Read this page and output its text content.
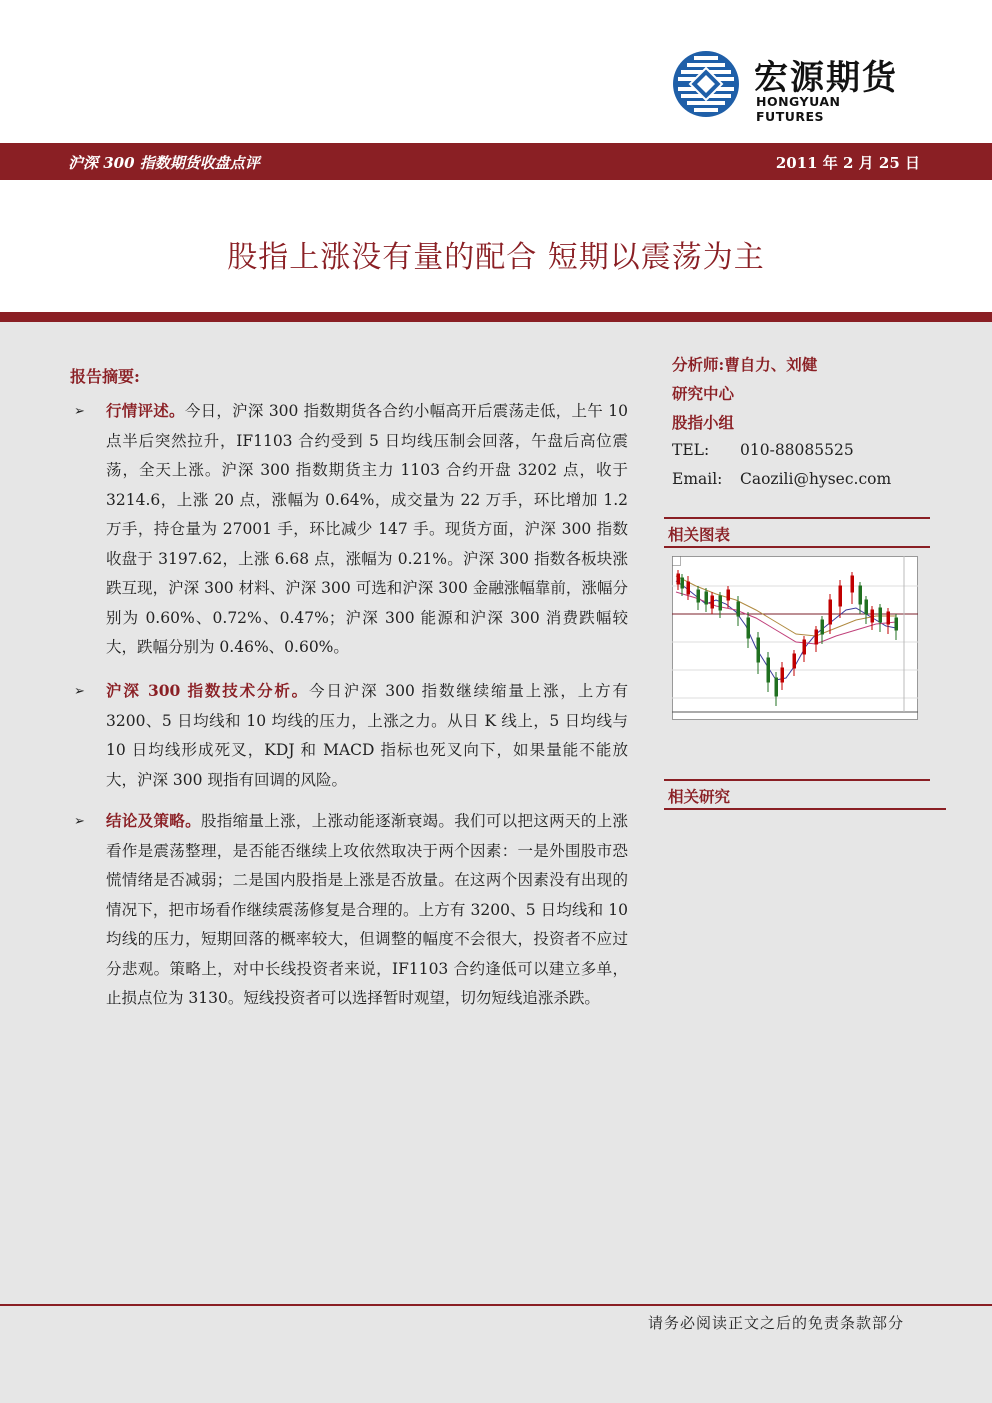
宏源期货
HONGYUAN FUTURES
沪深 300 指数期货收盘点评	2011 年 2 月 25 日
股指上涨没有量的配合 短期以震荡为主
报告摘要:
➢ 行情评述。今日，沪深 300 指数期货各合约小幅高开后震荡走低，上午 10 点半后突然拉升，IF1103 合约受到 5 日均线压制会回落，午盘后高位震荡，全天上涨。沪深 300 指数期货主力 1103 合约开盘 3202 点，收于 3214.6，上涨 20 点，涨幅为 0.64%，成交量为 22 万手，环比增加 1.2 万手，持仓量为 27001 手，环比减少 147 手。现货方面，沪深 300 指数收盘于 3197.62，上涨 6.68 点，涨幅为 0.21%。沪深 300 指数各板块涨跌互现，沪深 300 材料、沪深 300 可选和沪深 300 金融涨幅靠前，涨幅分别为 0.60%、0.72%、0.47%；沪深 300 能源和沪深 300 消费跌幅较大，跌幅分别为 0.46%、0.60%。
➢ 沪深 300 指数技术分析。今日沪深 300 指数继续缩量上涨，上方有 3200、5 日均线和 10 均线的压力，上涨之力。从日 K 线上，5 日均线与 10 日均线形成死叉，KDJ 和 MACD 指标也死叉向下，如果量能不能放大，沪深 300 现指有回调的风险。
➢ 结论及策略。股指缩量上涨，上涨动能逐渐衰竭。我们可以把这两天的上涨看作是震荡整理，是否能否继续上攻依然取决于两个因素：一是外围股市恐慌情绪是否减弱；二是国内股指是上涨是否放量。在这两个因素没有出现的情况下，把市场看作继续震荡修复是合理的。上方有 3200、5 日均线和 10 均线的压力，短期回落的概率较大，但调整的幅度不会很大，投资者不应过分悲观。策略上，对中长线投资者来说，IF1103 合约逢低可以建立多单，止损点位为 3130。短线投资者可以选择暂时观望，切勿短线追涨杀跌。
分析师:曹自力、刘健
研究中心
股指小组
TEL: 010-88085525
Email: Caozili@hysec.com
相关图表
相关研究
请务必阅读正文之后的免责条款部分
